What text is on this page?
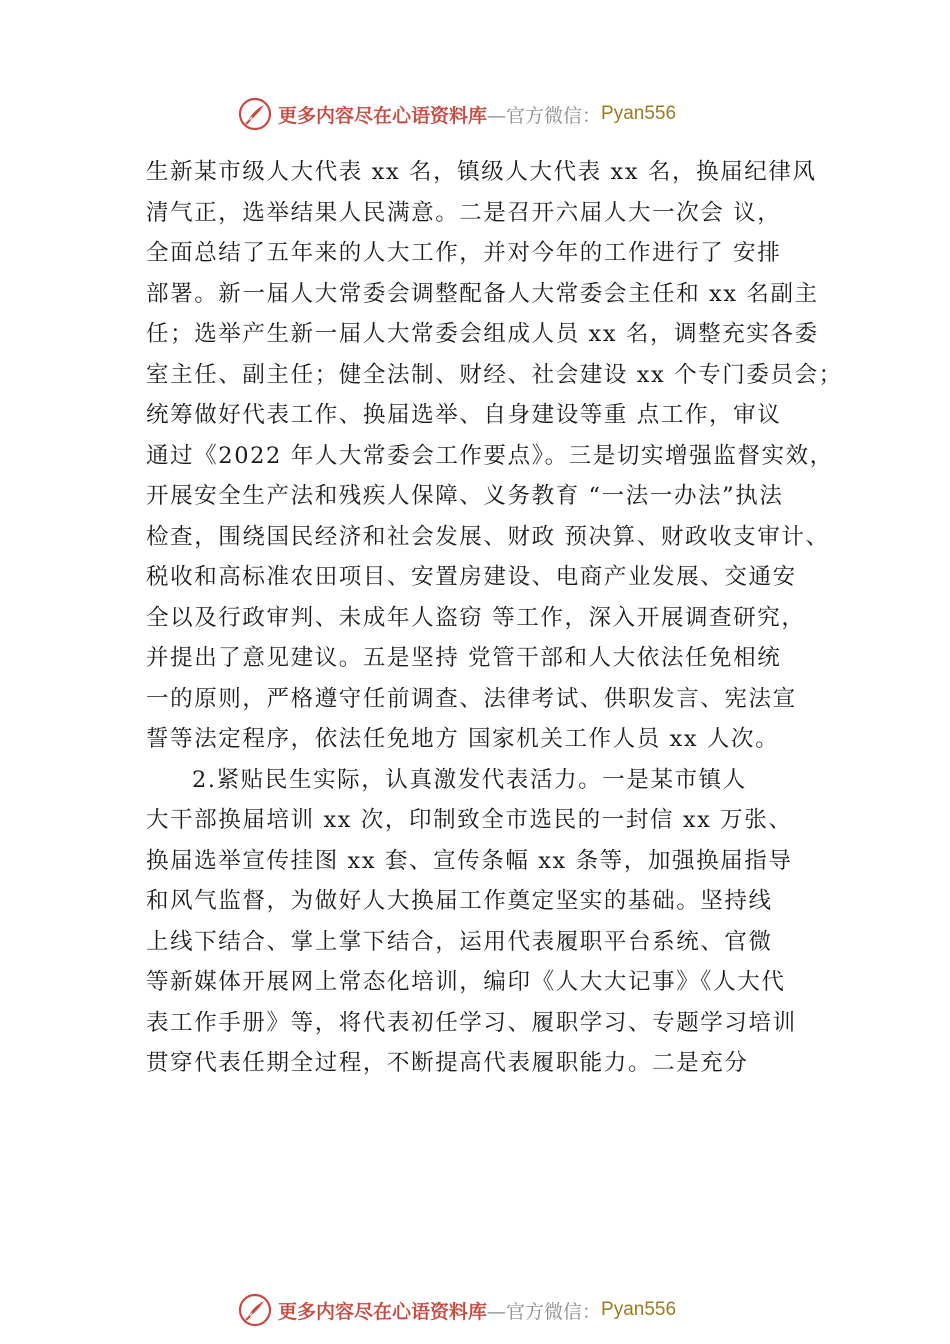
更多内容尽在心语资料库 —官方微信： Pyan556
生新某市级人大代表 xx 名，镇级人大代表 xx 名，换届纪律风
清气正，选举结果人民满意。二是召开六届人大一次会 议，
全面总结了五年来的人大工作，并对今年的工作进行了 安排
部署。新一届人大常委会调整配备人大常委会主任和 xx 名副主
任；选举产生新一届人大常委会组成人员 xx 名，调整充实各委
室主任、副主任；健全法制、财经、社会建设 xx 个专门委员会；
统筹做好代表工作、换届选举、自身建设等重 点工作，审议
通过《2022 年人大常委会工作要点》。三是切实增强监督实效，
开展安全生产法和残疾人保障、义务教育 “一法一办法”执法
检查，围绕国民经济和社会发展、财政 预决算、财政收支审计、
税收和高标准农田项目、安置房建设、电商产业发展、交通安
全以及行政审判、未成年人盗窃 等工作，深入开展调查研究，
并提出了意见建议。五是坚持 党管干部和人大依法任免相统
一的原则，严格遵守任前调查、法律考试、供职发言、宪法宣
誓等法定程序，依法任免地方 国家机关工作人员 xx 人次。
2.紧贴民生实际，认真激发代表活力。一是某市镇人
大干部换届培训 xx 次，印制致全市选民的一封信 xx 万张、
换届选举宣传挂图 xx 套、宣传条幅 xx 条等，加强换届指导
和风气监督，为做好人大换届工作奠定坚实的基础。坚持线
上线下结合、掌上掌下结合，运用代表履职平台系统、官微
等新媒体开展网上常态化培训，编印《人大大记事》《人大代
表工作手册》等，将代表初任学习、履职学习、专题学习培训
贯穿代表任期全过程，不断提高代表履职能力。二是充分
更多内容尽在心语资料库 —官方微信： Pyan556
